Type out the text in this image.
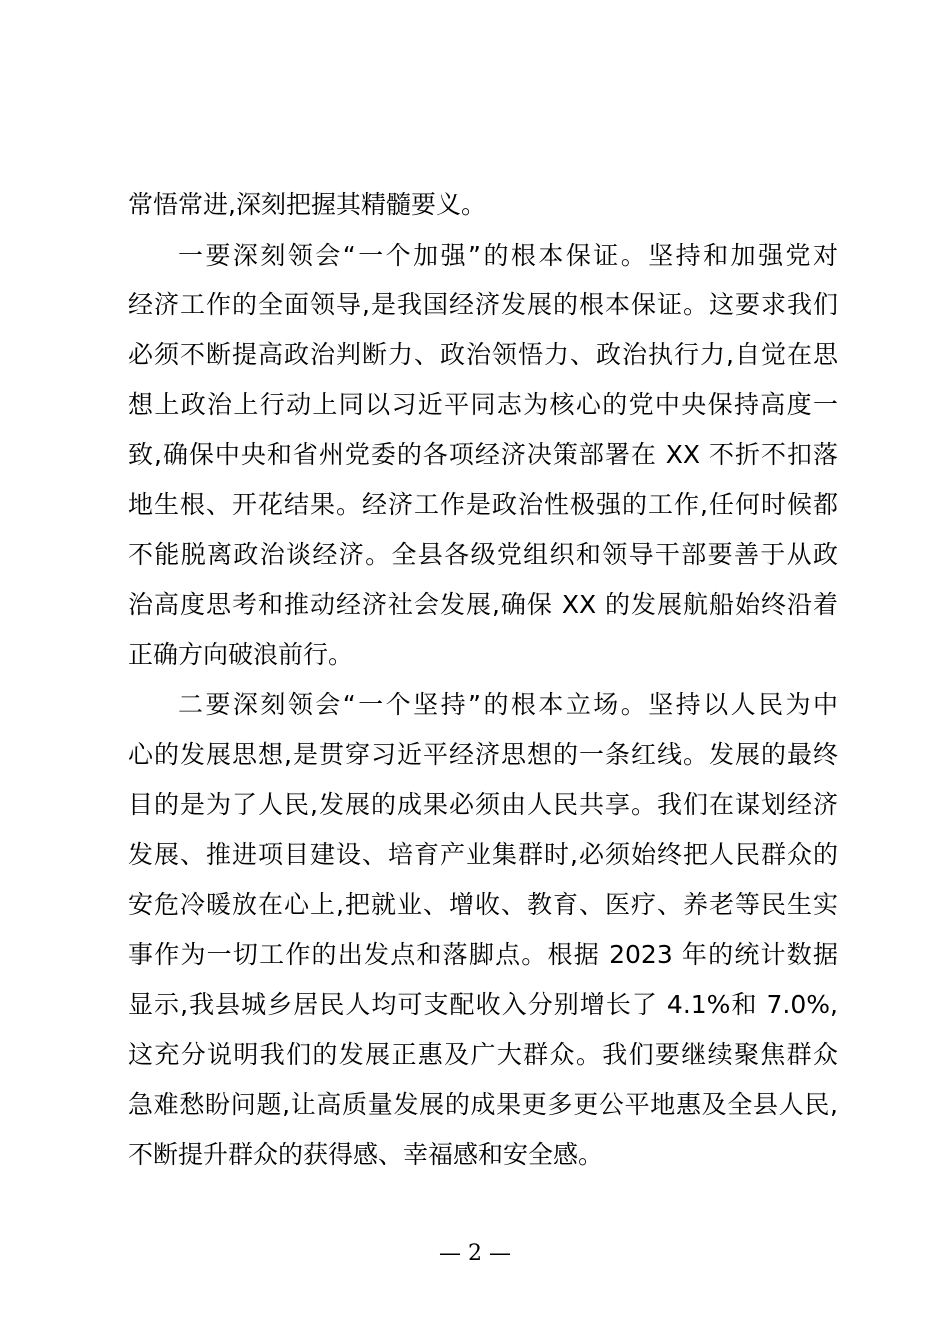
常悟常进,深刻把握其精髓要义。
一要深刻领会“一个加强”的根本保证。坚持和加强党对
经济工作的全面领导,是我国经济发展的根本保证。这要求我们
必须不断提高政治判断力、政治领悟力、政治执行力,自觉在思
想上政治上行动上同以习近平同志为核心的党中央保持高度一
致,确保中央和省州党委的各项经济决策部署在 XX 不折不扣落
地生根、开花结果。经济工作是政治性极强的工作,任何时候都
不能脱离政治谈经济。全县各级党组织和领导干部要善于从政
治高度思考和推动经济社会发展,确保 XX 的发展航船始终沿着
正确方向破浪前行。
二要深刻领会“一个坚持”的根本立场。坚持以人民为中
心的发展思想,是贯穿习近平经济思想的一条红线。发展的最终
目的是为了人民,发展的成果必须由人民共享。我们在谋划经济
发展、推进项目建设、培育产业集群时,必须始终把人民群众的
安危冷暖放在心上,把就业、增收、教育、医疗、养老等民生实
事作为一切工作的出发点和落脚点。根据 2023 年的统计数据
显示,我县城乡居民人均可支配收入分别增长了 4.1%和 7.0%,
这充分说明我们的发展正惠及广大群众。我们要继续聚焦群众
急难愁盼问题,让高质量发展的成果更多更公平地惠及全县人民,
不断提升群众的获得感、幸福感和安全感。
— 2 —
